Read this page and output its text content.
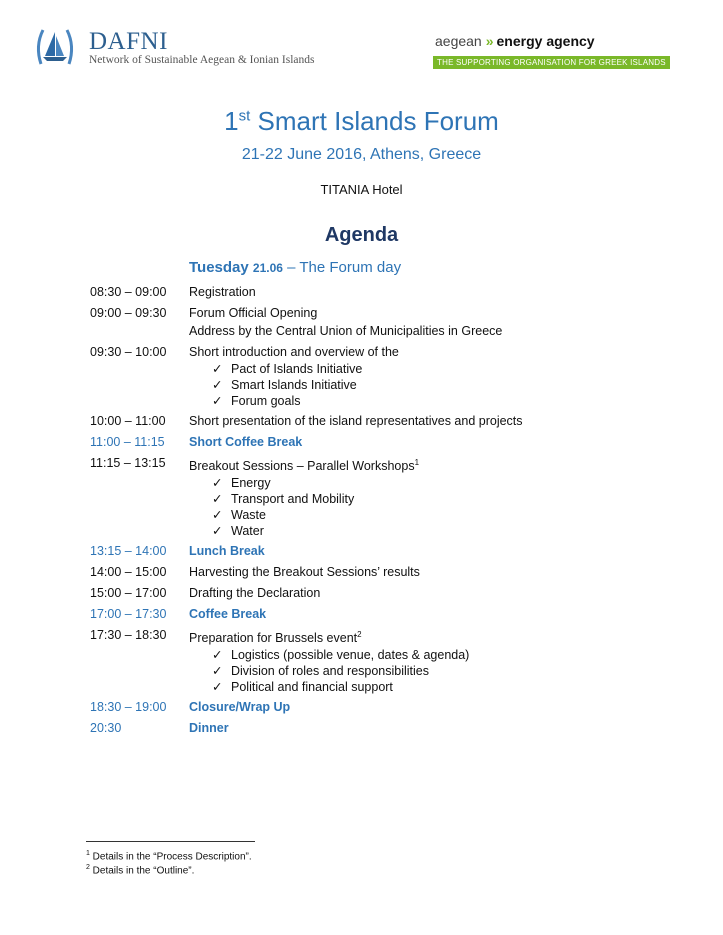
DAFNI
Network of Sustainable Aegean & Ionian Islands
aegean » energy agency
THE SUPPORTING ORGANISATION FOR GREEK ISLANDS
1st Smart Islands Forum
21-22 June 2016, Athens, Greece
TITANIA Hotel
Agenda
Tuesday 21.06 – The Forum day
08:30 – 09:00	Registration
09:00 – 09:30	Forum Official Opening
Address by the Central Union of Municipalities in Greece
09:30 – 10:00	Short introduction and overview of the
✓ Pact of Islands Initiative
✓ Smart Islands Initiative
✓ Forum goals
10:00 – 11:00	Short presentation of the island representatives and projects
11:00 – 11:15	Short Coffee Break
11:15 – 13:15	Breakout Sessions – Parallel Workshops$^1$
✓ Energy
✓ Transport and Mobility
✓ Waste
✓ Water
13:15 – 14:00	Lunch Break
14:00 – 15:00	Harvesting the Breakout Sessions’ results
15:00 – 17:00	Drafting the Declaration
17:00 – 17:30	Coffee Break
17:30 – 18:30	Preparation for Brussels event$^2$
✓ Logistics (possible venue, dates & agenda)
✓ Division of roles and responsibilities
✓ Political and financial support
18:30 – 19:00	Closure/Wrap Up
20:30	Dinner
$^1$ Details in the “Process Description”.
$^2$ Details in the “Outline”.
